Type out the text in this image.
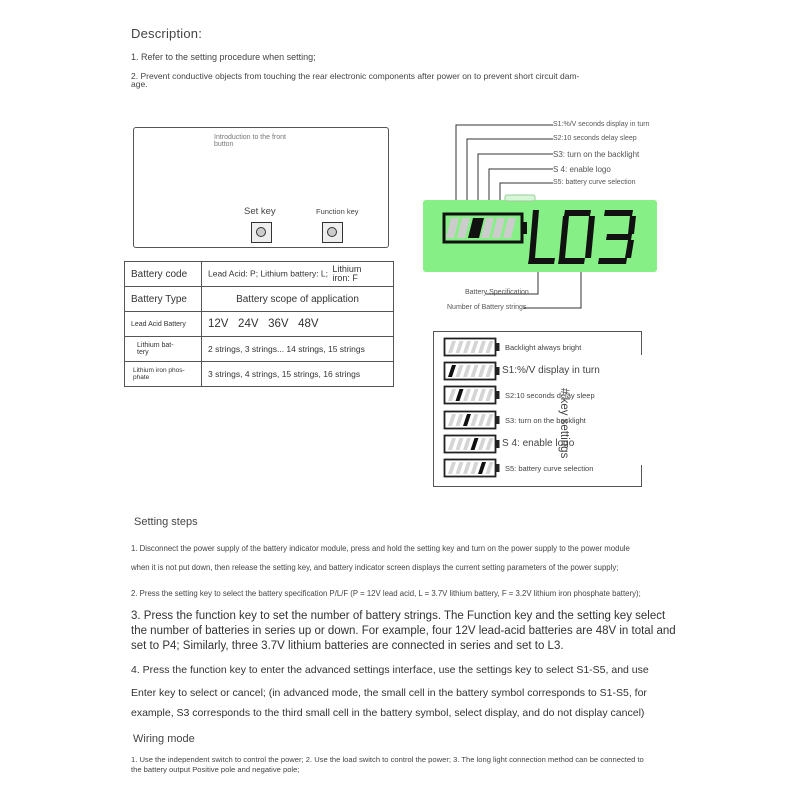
Description:
1. Refer to the setting procedure when setting;
2. Prevent conductive objects from touching the rear electronic components after power on to prevent short circuit dam-
age.
Introduction to the front
button
Set key	Function key
Battery code	Lead Acid: P; Lithium battery: L; Lithium
iron: F
Battery Type	Battery scope of application
Lead Acid Battery	12V   24V   36V   48V

Lithium bat-
tery	2 strings, 3 strings... 14 strings, 15 strings

Lithium iron phos-
phate	3 strings, 4 strings, 15 strings, 16 strings
S1:%/V seconds display in turn
S2:10 seconds delay sleep
S3: turn on the backlight
S 4: enable logo
S5: battery curve selection
Battery Specification
Number of Battery strings
Backlight always bright
S1:%/V display in turn
S2:10 seconds delay sleep
S3: turn on the backlight
S 4: enable logo
S5: battery curve selection
# key settings
Setting steps
1. Disconnect the power supply of the battery indicator module, press and hold the setting key and turn on the power supply to the power module
when it is not put down, then release the setting key, and battery indicator screen displays the current setting parameters of the power supply;
2. Press the setting key to select the battery specification P/L/F (P = 12V lead acid, L = 3.7V lithium battery, F = 3.2V lithium iron phosphate battery);
3. Press the function key to set the number of battery strings. The Function key and the setting key select
the number of batteries in series up or down. For example, four 12V lead-acid batteries are 48V in total and
set to P4; Similarly, three 3.7V lithium batteries are connected in series and set to L3.
4. Press the function key to enter the advanced settings interface, use the settings key to select S1-S5, and use
Enter key to select or cancel; (in advanced mode, the small cell in the battery symbol corresponds to S1-S5, for
example, S3 corresponds to the third small cell in the battery symbol, select display, and do not display cancel)
Wiring mode
1. Use the independent switch to control the power; 2. Use the load switch to control the power; 3. The long light connection method can be connected to
the battery output Positive pole and negative pole;
